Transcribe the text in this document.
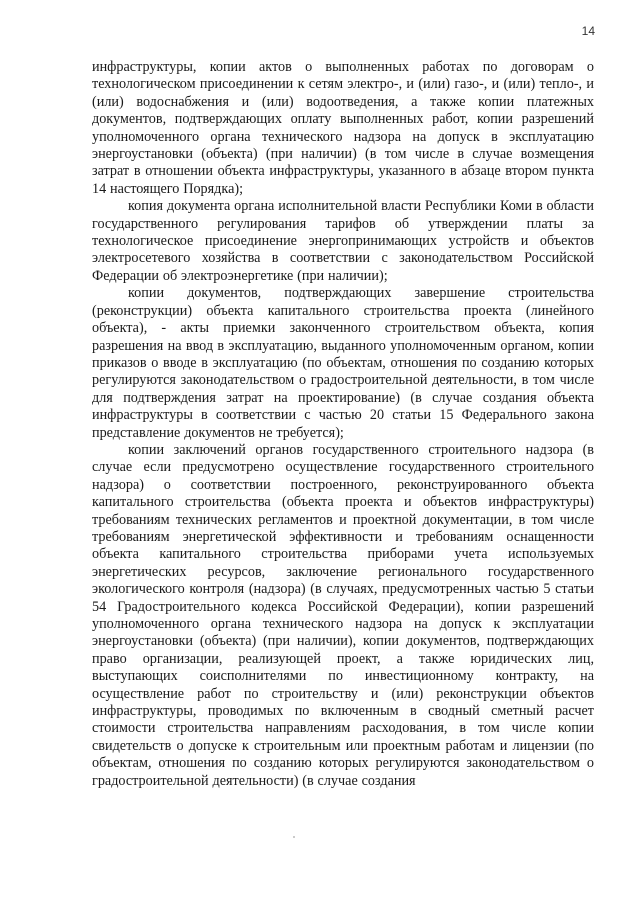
14

инфраструктуры, копии актов о выполненных работах по договорам о технологическом присоединении к сетям электро-, и (или) газо-, и (или) тепло-, и (или) водоснабжения и (или) водоотведения, а также копии платежных документов, подтверждающих оплату выполненных работ, копии разрешений уполномоченного органа технического надзора на допуск в эксплуатацию энергоустановки (объекта) (при наличии) (в том числе в случае возмещения затрат в отношении объекта инфраструктуры, указанного в абзаце втором пункта 14 настоящего Порядка);

копия документа органа исполнительной власти Республики Коми в области государственного регулирования тарифов об утверждении платы за технологическое присоединение энергопринимающих устройств и объектов электросетевого хозяйства в соответствии с законодательством Российской Федерации об электроэнергетике (при наличии);

копии документов, подтверждающих завершение строительства (реконструкции) объекта капитального строительства проекта (линейного объекта), - акты приемки законченного строительством объекта, копия разрешения на ввод в эксплуатацию, выданного уполномоченным органом, копии приказов о вводе в эксплуатацию (по объектам, отношения по созданию которых регулируются законодательством о градостроительной деятельности, в том числе для подтверждения затрат на проектирование) (в случае создания объекта инфраструктуры в соответствии с частью 20 статьи 15 Федерального закона представление документов не требуется);

копии заключений органов государственного строительного надзора (в случае если предусмотрено осуществление государственного строительного надзора) о соответствии построенного, реконструированного объекта капитального строительства (объекта проекта и объектов инфраструктуры) требованиям технических регламентов и проектной документации, в том числе требованиям энергетической эффективности и требованиям оснащенности объекта капитального строительства приборами учета используемых энергетических ресурсов, заключение регионального государственного экологического контроля (надзора) (в случаях, предусмотренных частью 5 статьи 54 Градостроительного кодекса Российской Федерации), копии разрешений уполномоченного органа технического надзора на допуск к эксплуатации энергоустановки (объекта) (при наличии), копии документов, подтверждающих право организации, реализующей проект, а также юридических лиц, выступающих соисполнителями по инвестиционному контракту, на осуществление работ по строительству и (или) реконструкции объектов инфраструктуры, проводимых по включенным в сводный сметный расчет стоимости строительства направлениям расходования, в том числе копии свидетельств о допуске к строительным или проектным работам и лицензии (по объектам, отношения по созданию которых регулируются законодательством о градостроительной деятельности) (в случае создания
